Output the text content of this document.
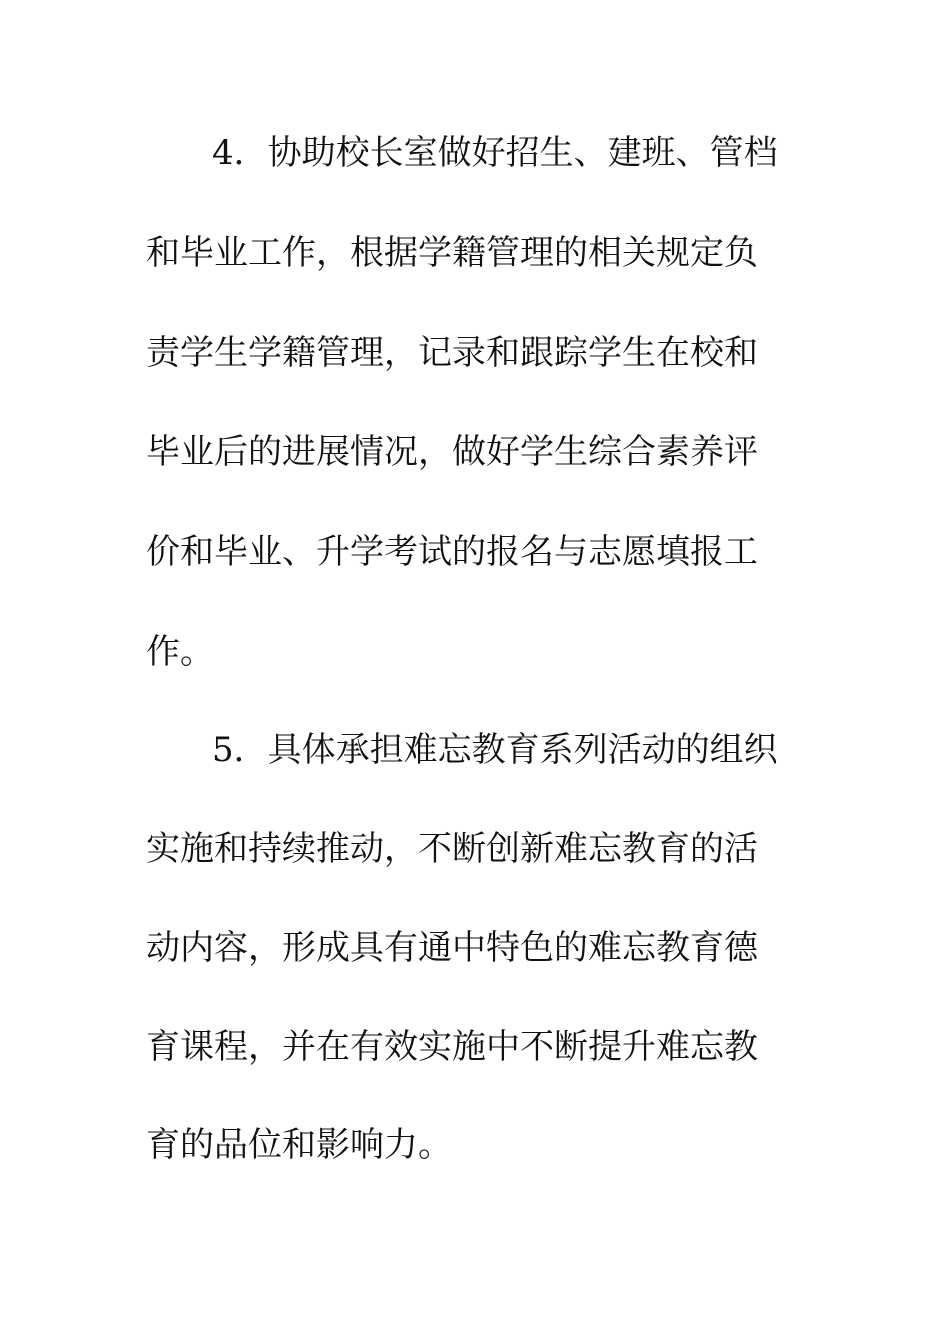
4．协助校长室做好招生、建班、管档
和毕业工作，根据学籍管理的相关规定负
责学生学籍管理，记录和跟踪学生在校和
毕业后的进展情况，做好学生综合素养评
价和毕业、升学考试的报名与志愿填报工
作。
5．具体承担难忘教育系列活动的组织
实施和持续推动，不断创新难忘教育的活
动内容，形成具有通中特色的难忘教育德
育课程，并在有效实施中不断提升难忘教
育的品位和影响力。
